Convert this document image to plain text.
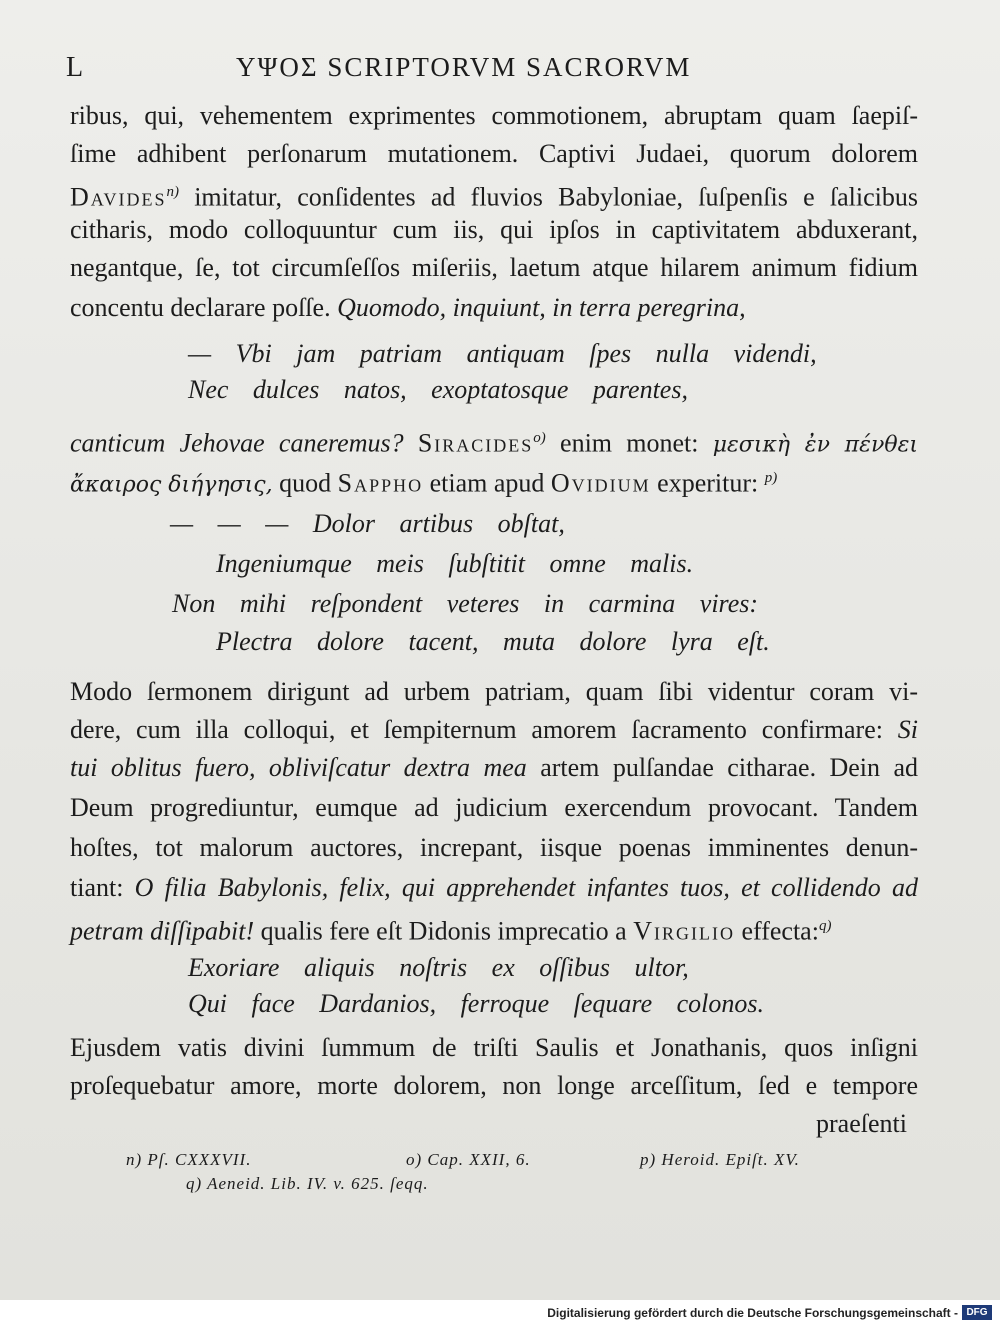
L	ΥΨΟΣ SCRIPTORVM SACRORVM
ribus, qui, vehementem exprimentes commotionem, abruptam quam ſaepiſ-
ſime adhibent perſonarum mutationem. Captivi Judaei, quorum dolorem
Davides$^{n)}$ imitatur, conſidentes ad fluvios Babyloniae, ſuſpenſis e ſalicibus
citharis, modo colloquuntur cum iis, qui ipſos in captivitatem abduxerant,
negantque, ſe, tot circumſeſſos miſeriis, laetum atque hilarem animum fidium
concentu declarare poſſe. Quomodo, inquiunt, in terra peregrina,
— Vbi jam patriam antiquam ſpes nulla videndi,
Nec dulces natos, exoptatosque parentes,
canticum Jehovae caneremus? Siracides$^{o)}$ enim monet: μεσικὴ ἐν πένθει
ἄκαιρος διήγησις, quod Sappho etiam apud Ovidium experitur: $^{p)}$
— — — Dolor artibus obſtat,
Ingeniumque meis ſubſtitit omne malis.
Non mihi reſpondent veteres in carmina vires:
Plectra dolore tacent, muta dolore lyra eſt.
Modo ſermonem dirigunt ad urbem patriam, quam ſibi videntur coram vi-
dere, cum illa colloqui, et ſempiternum amorem ſacramento confirmare: Si
tui oblitus fuero, obliviſcatur dextra mea artem pulſandae citharae. Dein ad
Deum progrediuntur, eumque ad judicium exercendum provocant. Tandem
hoſtes, tot malorum auctores, increpant, iisque poenas imminentes denun-
tiant: O filia Babylonis, felix, qui apprehendet infantes tuos, et collidendo ad
petram diſſipabit! qualis fere eſt Didonis imprecatio a Virgilio effecta:$^{q)}$
Exoriare aliquis noſtris ex oſſibus ultor,
Qui face Dardanios, ferroque ſequare colonos.
Ejusdem vatis divini ſummum de triſti Saulis et Jonathanis, quos inſigni
proſequebatur amore, morte dolorem, non longe arceſſitum, ſed e tempore
praeſenti
n) Pſ. CXXXVII.	o) Cap. XXII, 6.	p) Heroid. Epiſt. XV.
q) Aeneid. Lib. IV. v. 625. ſeqq.
Digitalisierung gefördert durch die Deutsche Forschungsgemeinschaft - DFG
